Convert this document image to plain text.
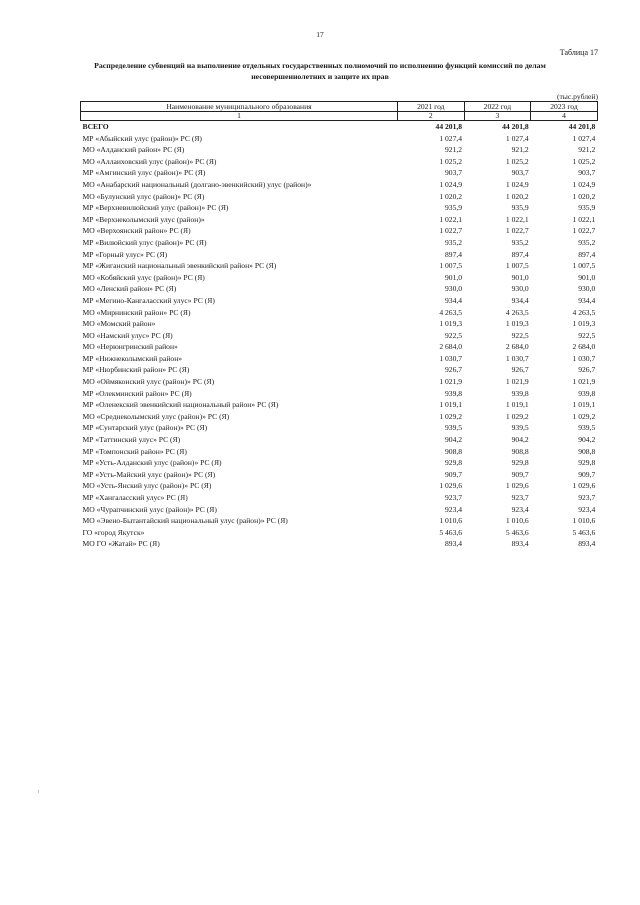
17
Таблица 17
Распределение субвенций на выполнение отдельных государственных полномочий по исполнению функций комиссий по делам несовершеннолетних и защите их прав
(тыс.рублей)
Наименование муниципального образования	2021 год	2022 год	2023 год
1	2	3	4
ВСЕГО	44 201,8	44 201,8	44 201,8
МР «Абыйский улус (район)» РС (Я)	1 027,4	1 027,4	1 027,4
МО «Алданский район» РС (Я)	921,2	921,2	921,2
МО «Аллаиховский улус (район)» РС (Я)	1 025,2	1 025,2	1 025,2
МР «Амгинский улус (район)» РС (Я)	903,7	903,7	903,7
МО «Анабарский национальный (долгано-эвенкийский) улус (район)»	1 024,9	1 024,9	1 024,9
МО «Булунский улус (район)» РС (Я)	1 020,2	1 020,2	1 020,2
МР «Верхневилюйский улус (район)» РС (Я)	935,9	935,9	935,9
МР «Верхнеколымский улус (район)»	1 022,1	1 022,1	1 022,1
МО «Верхоянский район» РС (Я)	1 022,7	1 022,7	1 022,7
МР «Вилюйский улус (район)» РС (Я)	935,2	935,2	935,2
МР «Горный улус» РС (Я)	897,4	897,4	897,4
МР «Жиганский национальный эвенкийский район» РС (Я)	1 007,5	1 007,5	1 007,5
МО «Кобяйский улус (район)» РС (Я)	901,0	901,0	901,0
МО «Ленский район» РС (Я)	930,0	930,0	930,0
МР «Мегино-Кангаласский улус» РС (Я)	934,4	934,4	934,4
МО «Мирнинский район» РС (Я)	4 263,5	4 263,5	4 263,5
МО «Момский район»	1 019,3	1 019,3	1 019,3
МО «Намский улус» РС (Я)	922,5	922,5	922,5
МО «Нерюнгринский район»	2 684,0	2 684,0	2 684,0
МР «Нижнеколымский район»	1 030,7	1 030,7	1 030,7
МР «Нюрбинский район» РС (Я)	926,7	926,7	926,7
МО «Оймяконский улус (район)» РС (Я)	1 021,9	1 021,9	1 021,9
МР «Олекминский район» РС (Я)	939,8	939,8	939,8
МР «Оленекский эвенкийский национальный район» РС (Я)	1 019,1	1 019,1	1 019,1
МО «Среднеколымский улус (район)» РС (Я)	1 029,2	1 029,2	1 029,2
МР «Сунтарский улус (район)» РС (Я)	939,5	939,5	939,5
МР «Таттинский улус» РС (Я)	904,2	904,2	904,2
МР «Томпонский район» РС (Я)	908,8	908,8	908,8
МР «Усть-Алданский улус (район)» РС (Я)	929,8	929,8	929,8
МР «Усть-Майский улус (район)» РС (Я)	909,7	909,7	909,7
МО «Усть-Янский улус (район)» РС (Я)	1 029,6	1 029,6	1 029,6
МР «Хангаласский улус» РС (Я)	923,7	923,7	923,7
МО «Чурапчинский улус (район)» РС (Я)	923,4	923,4	923,4
МО «Эвено-Бытантайский национальный улус (район)» РС (Я)	1 010,6	1 010,6	1 010,6
ГО «город Якутск»	5 463,6	5 463,6	5 463,6
МО ГО «Жатай» РС (Я)	893,4	893,4	893,4
